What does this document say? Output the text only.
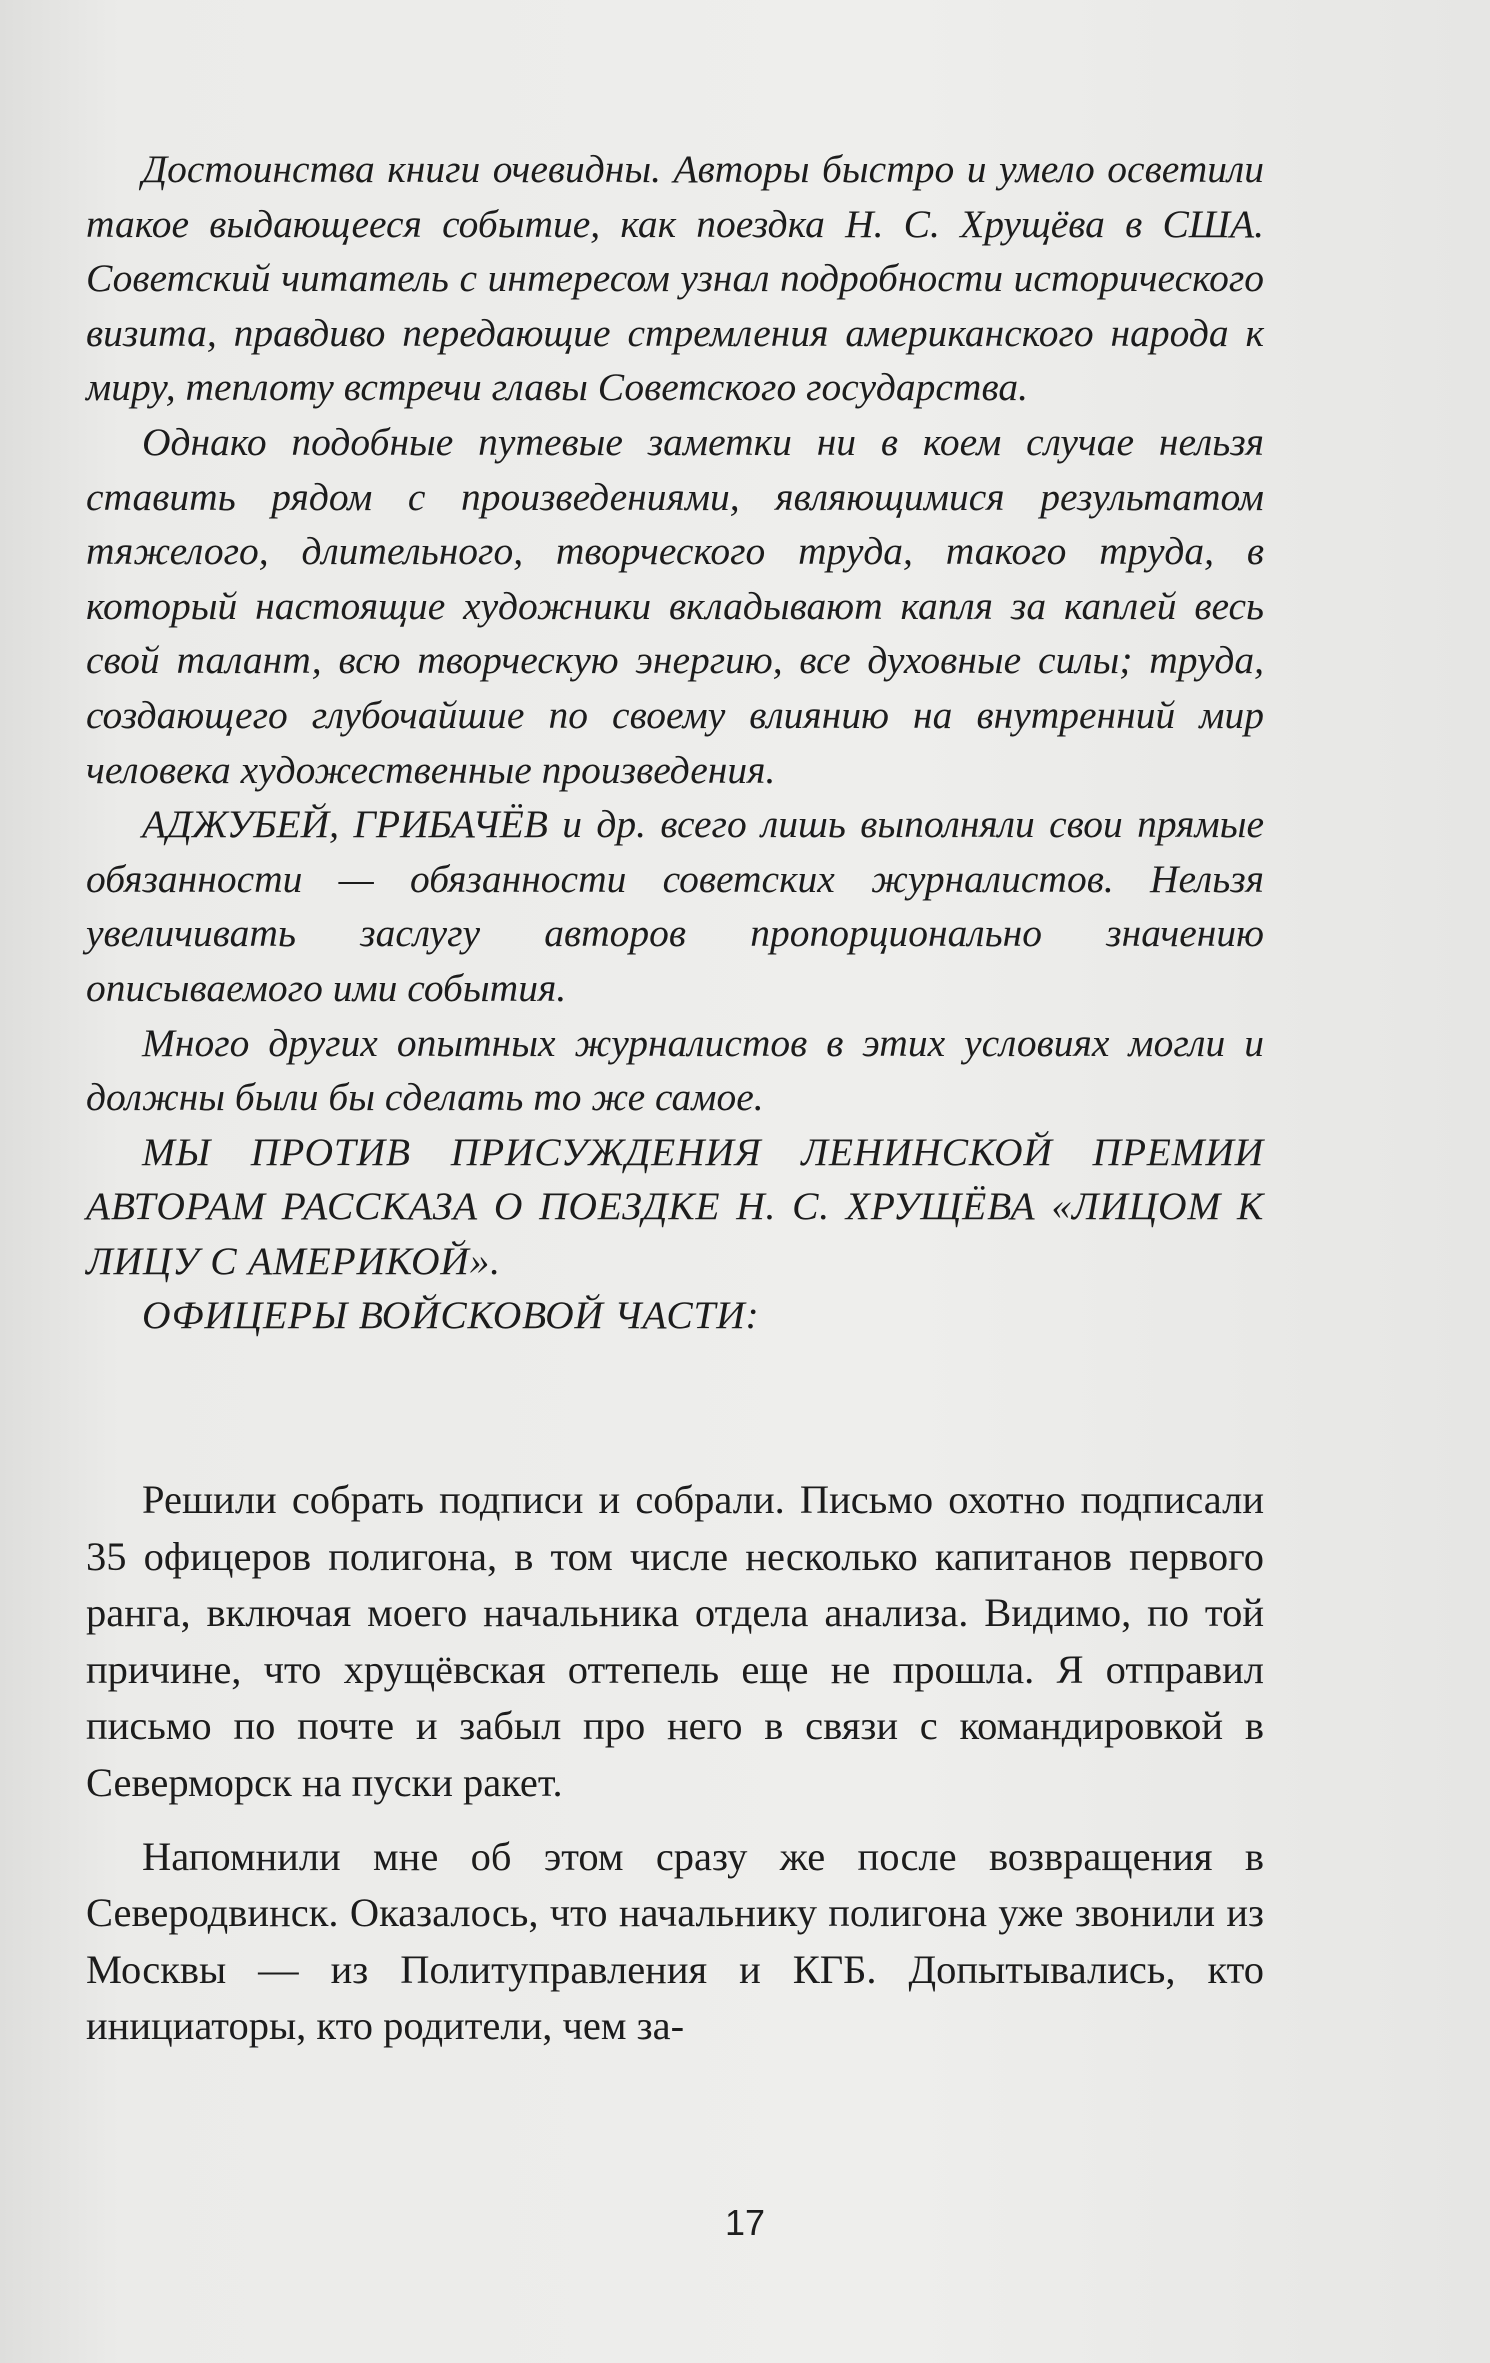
Достоинства книги очевидны. Авторы быстро и умело осветили такое выдающееся событие, как поездка Н. С. Хрущёва в США. Советский читатель с интересом узнал подробности исторического визита, правдиво передающие стремления американского народа к миру, теплоту встречи главы Советского государства.

Однако подобные путевые заметки ни в коем случае нельзя ставить рядом с произведениями, являющимися результатом тяжелого, длительного, творческого труда, такого труда, в который настоящие художники вкладывают капля за каплей весь свой талант, всю творческую энергию, все духовные силы; труда, создающего глубочайшие по своему влиянию на внутренний мир человека художественные произведения.

АДЖУБЕЙ, ГРИБАЧЁВ и др. всего лишь выполняли свои прямые обязанности — обязанности советских журналистов. Нельзя увеличивать заслугу авторов пропорционально значению описываемого ими события.

Много других опытных журналистов в этих условиях могли и должны были бы сделать то же самое.

МЫ ПРОТИВ ПРИСУЖДЕНИЯ ЛЕНИНСКОЙ ПРЕМИИ АВТОРАМ РАССКАЗА О ПОЕЗДКЕ Н. С. ХРУЩЁВА «ЛИЦОМ К ЛИЦУ С АМЕРИКОЙ».

ОФИЦЕРЫ ВОЙСКОВОЙ ЧАСТИ:

Решили собрать подписи и собрали. Письмо охотно подписали 35 офицеров полигона, в том числе несколько капитанов первого ранга, включая моего начальника отдела анализа. Видимо, по той причине, что хрущёвская оттепель еще не прошла. Я отправил письмо по почте и забыл про него в связи с командировкой в Северморск на пуски ракет.

Напомнили мне об этом сразу же после возвращения в Северодвинск. Оказалось, что начальнику полигона уже звонили из Москвы — из Политуправления и КГБ. Допытывались, кто инициаторы, кто родители, чем за-

17
